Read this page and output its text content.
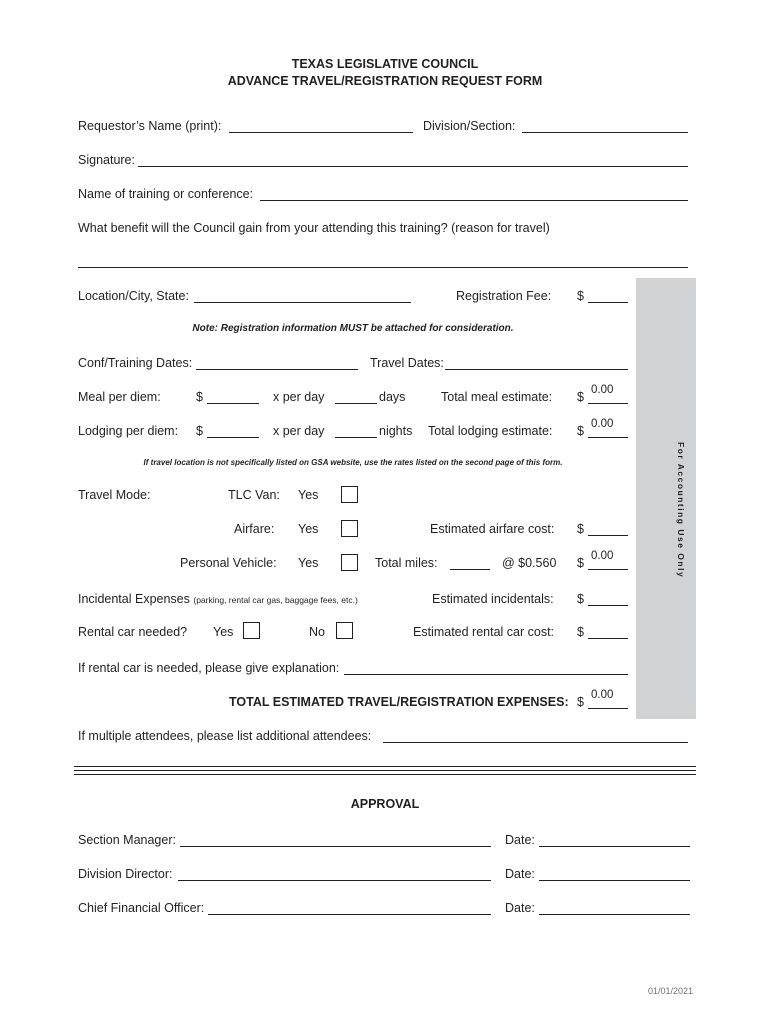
TEXAS LEGISLATIVE COUNCIL
ADVANCE TRAVEL/REGISTRATION REQUEST FORM
For Accounting Use Only
Requestor’s Name (print):	Division/Section:
Signature:
Name of training or conference:
What benefit will the Council gain from your attending this training? (reason for travel)
Location/City, State:	Registration Fee: $
Note: Registration information MUST be attached for consideration.
Conf/Training Dates:	Travel Dates:
Meal per diem:	$	x per day	days	Total meal estimate: $ 0.00
Lodging per diem: $	x per day	nights Total lodging estimate: $ 0.00
If travel location is not specifically listed on GSA website, use the rates listed on the second page of this form.
Travel Mode:	TLC Van: Yes
Airfare: Yes	Estimated airfare cost: $
Personal Vehicle: Yes	Total miles:	@ $0.560 $ 0.00
Incidental Expenses (parking, rental car gas, baggage fees, etc.)	Estimated incidentals: $
Rental car needed? Yes	No	Estimated rental car cost: $
If rental car is needed, please give explanation:
TOTAL ESTIMATED TRAVEL/REGISTRATION EXPENSES: $ 0.00
If multiple attendees, please list additional attendees:
APPROVAL
Section Manager:	Date:
Division Director:	Date:
Chief Financial Officer:	Date:
01/01/2021
